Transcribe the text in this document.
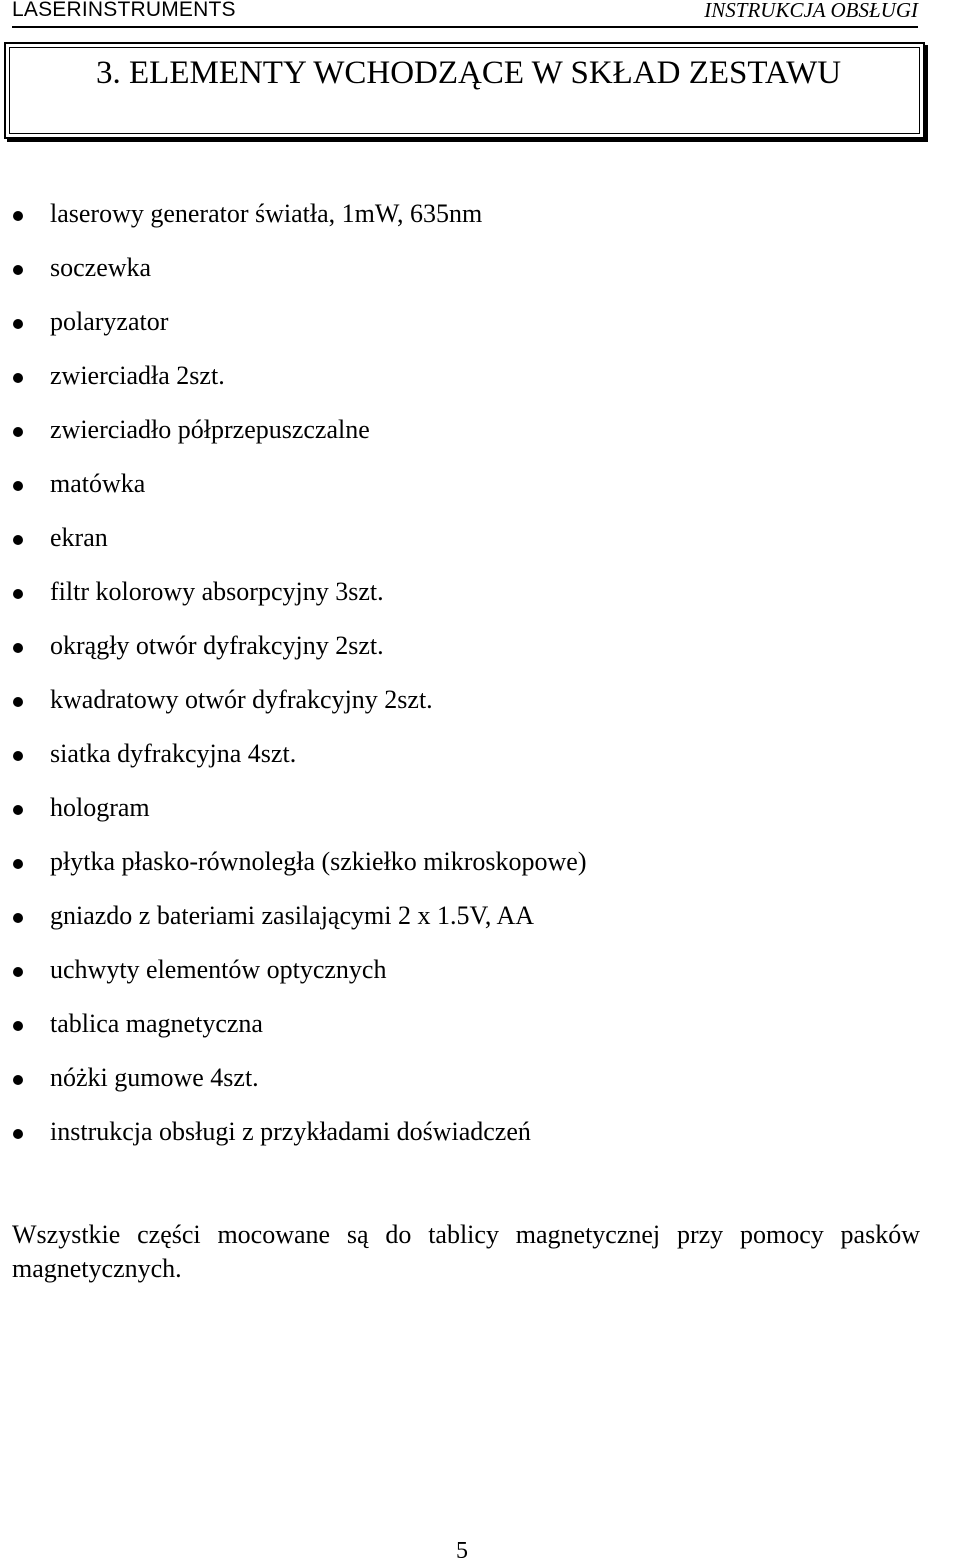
LASERINSTRUMENTS	INSTRUKCJA OBSŁUGI
3. ELEMENTY WCHODZĄCE W SKŁAD ZESTAWU
laserowy generator światła, 1mW, 635nm
soczewka
polaryzator
zwierciadła 2szt.
zwierciadło półprzepuszczalne
matówka
ekran
filtr kolorowy absorpcyjny 3szt.
okrągły otwór dyfrakcyjny 2szt.
kwadratowy otwór dyfrakcyjny 2szt.
siatka dyfrakcyjna 4szt.
hologram
płytka płasko-równoległa (szkiełko mikroskopowe)
gniazdo z bateriami zasilającymi 2 x 1.5V, AA
uchwyty elementów optycznych
tablica magnetyczna
nóżki gumowe 4szt.
instrukcja obsługi z przykładami doświadczeń

Wszystkie części mocowane są do tablicy magnetycznej przy pomocy pasków magnetycznych.

5
